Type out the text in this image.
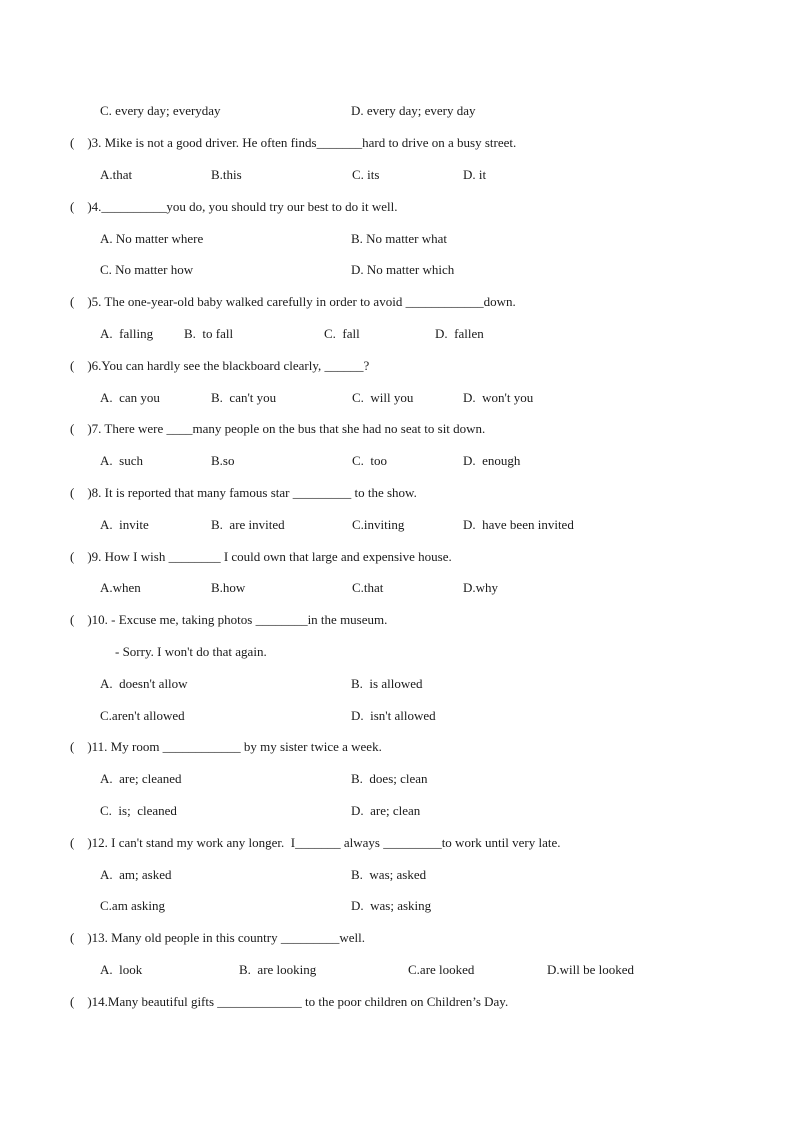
C. every day; everyday	D. every day; every day
(    )3. Mike is not a good driver. He often finds_______hard to drive on a busy street.
A.that	B.this	C. its	D. it
(    )4.__________you do, you should try our best to do it well.
A. No matter where	B. No matter what
C. No matter how	D. No matter which
(    )5. The one-year-old baby walked carefully in order to avoid ____________down.
A.  falling B.  to fall	C.  fall	D.  fallen
(    )6.You can hardly see the blackboard clearly, ______?
A.  can you	B.  can't you	C.  will you	D.  won't you
(    )7. There were ____many people on the bus that she had no seat to sit down.
A.  such	B.so	C.  too	D.  enough
(    )8. It is reported that many famous star _________ to the show.
A.  invite	B.  are invited	C.inviting	D.  have been invited
(    )9. How I wish ________ I could own that large and expensive house.
A.when	B.how	C.that	D.why
(    )10. - Excuse me, taking photos ________in the museum.
- Sorry. I won't do that again.
A.  doesn't allow	B.  is allowed
C.aren't allowed	D.  isn't allowed
(    )11. My room ____________ by my sister twice a week.
A.  are; cleaned	B.  does; clean
C.  is;  cleaned	D.  are; clean
(    )12. I can't stand my work any longer.  I_______ always _________to work until very late.
A.  am; asked	B.  was; asked
C.am asking	D.  was; asking
(    )13. Many old people in this country _________well.
A.  look	B.  are looking	C.are looked	D.will be looked
(    )14.Many beautiful gifts _____________ to the poor children on Children’s Day.
